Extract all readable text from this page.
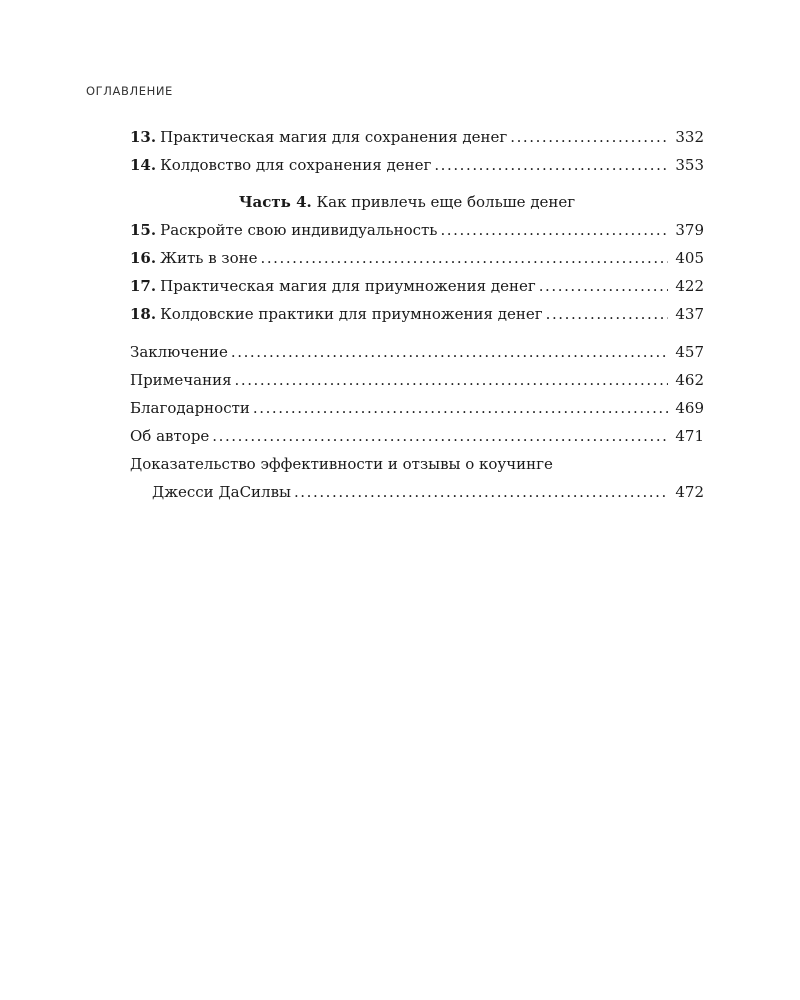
ОГЛАВЛЕНИЕ
13. Практическая магия для сохранения денег . . .	332
14. Колдовство для сохранения денег . . .	353
Часть 4. Как привлечь еще больше денег
15. Раскройте свою индивидуальность . . .	379
16. Жить в зоне . . .	405
17. Практическая магия для приумножения денег . . .	422
18. Колдовские практики для приумножения денег . . .	437
Заключение . . .	457
Примечания . . .	462
Благодарности . . .	469
Об авторе . . .	471
Доказательство эффективности и отзывы о коучинге
Джесси ДаСилвы . . .	472
